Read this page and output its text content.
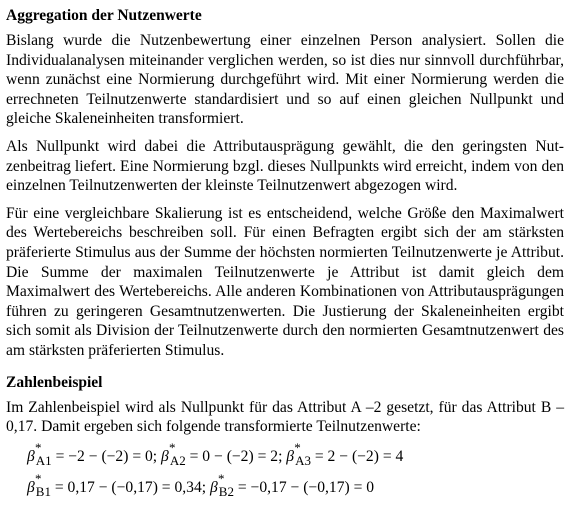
Aggregation der Nutzenwerte

Bislang wurde die Nutzenbewertung einer einzelnen Person analysiert. Sollen die Individualanalysen miteinander verglichen werden, so ist dies nur sinnvoll durchführbar, wenn zunächst eine Normierung durchgeführt wird. Mit einer Normierung werden die errechneten Teilnutzenwerte standardisiert und so auf einen gleichen Nullpunkt und gleiche Skaleneinheiten transformiert.

Als Nullpunkt wird dabei die Attributausprägung gewählt, die den geringsten Nutzenbeitrag liefert. Eine Normierung bzgl. dieses Nullpunkts wird erreicht, indem von den einzelnen Teilnutzenwerten der kleinste Teilnutzenwert abgezogen wird.

Für eine vergleichbare Skalierung ist es entscheidend, welche Größe den Maximalwert des Wertebereichs beschreiben soll. Für einen Befragten ergibt sich der am stärksten präferierte Stimulus aus der Summe der höchsten normierten Teilnutzenwerte je Attribut. Die Summe der maximalen Teilnutzenwerte je Attribut ist damit gleich dem Maximalwert des Wertebereichs. Alle anderen Kombinationen von Attributausprägungen führen zu geringeren Gesamtnutzenwerten. Die Justierung der Skaleneinheiten ergibt sich somit als Division der Teilnutzenwerte durch den normierten Gesamtnutzenwert des am stärksten präferierten Stimulus.

Zahlenbeispiel

Im Zahlenbeispiel wird als Nullpunkt für das Attribut A –2 gesetzt, für das Attribut B – 0,17. Damit ergeben sich folgende transformierte Teilnutzenwerte:

β
*
$_{A1}$ = −2 − (−2) = 0; β
*
$_{A2}$ = 0 − (−2) = 2; β
*
$_{A3}$ = 2 − (−2) = 4
β
*
$_{B1}$ = 0,17 − (−0,17) = 0,34; β
*
$_{B2}$ = −0,17 − (−0,17) = 0
